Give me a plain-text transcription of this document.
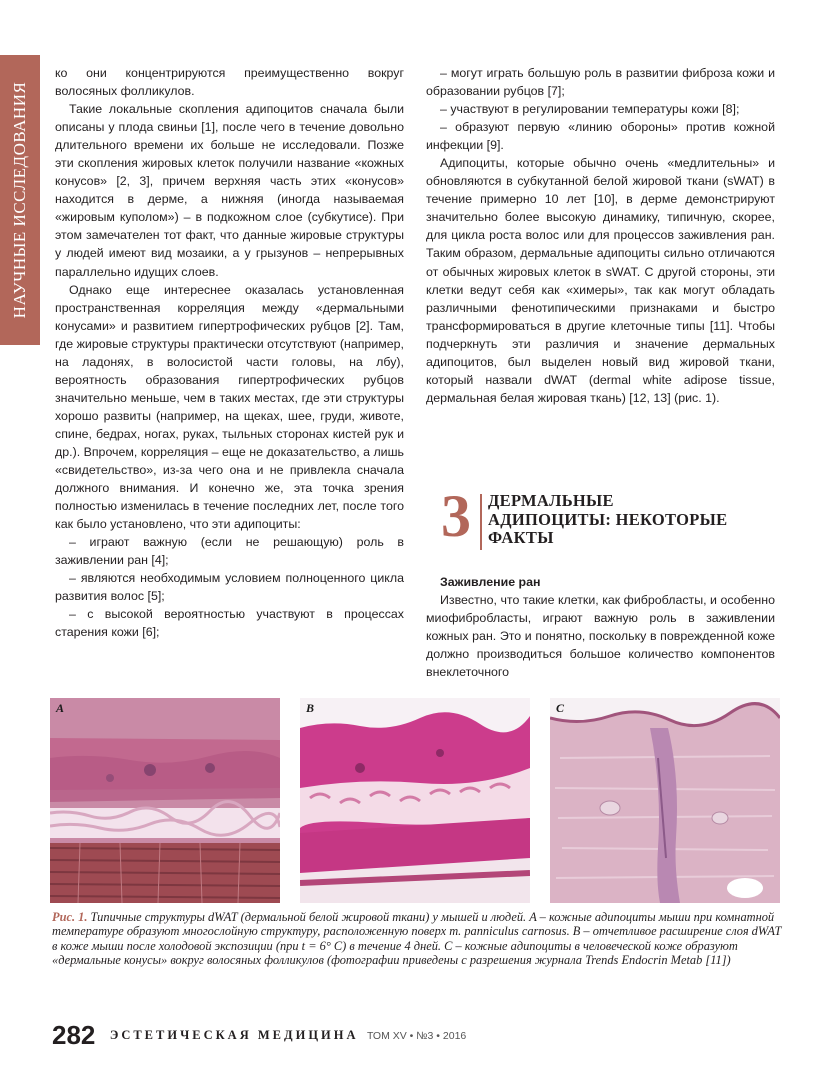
НАУЧНЫЕ ИССЛЕДОВАНИЯ

ко они концентрируются преимущественно вокруг волосяных фолликулов.

Такие локальные скопления адипоцитов сначала были описаны у плода свиньи [1], после чего в течение довольно длительного времени их больше не исследовали. Позже эти скопления жировых клеток получили название «кожных конусов» [2, 3], причем верхняя часть этих «конусов» находится в дерме, а нижняя (иногда называемая «жировым куполом») – в подкожном слое (субкутисе). При этом замечателен тот факт, что данные жировые структуры у людей имеют вид мозаики, а у грызунов – непрерывных параллельно идущих слоев.

Однако еще интереснее оказалась установленная пространственная корреляция между «дермальными конусами» и развитием гипертрофических рубцов [2]. Там, где жировые структуры практически отсутствуют (например, на ладонях, в волосистой части головы, на лбу), вероятность образования гипертрофических рубцов значительно меньше, чем в таких местах, где эти структуры хорошо развиты (например, на щеках, шее, груди, животе, спине, бедрах, ногах, руках, тыльных сторонах кистей рук и др.). Впрочем, корреляция – еще не доказательство, а лишь «свидетельство», из-за чего она и не привлекла сначала должного внимания. И конечно же, эта точка зрения полностью изменилась в течение последних лет, после того как было установлено, что эти адипоциты:

– играют важную (если не решающую) роль в заживлении ран [4];

– являются необходимым условием полноценного цикла развития волос [5];

– с высокой вероятностью участвуют в процессах старения кожи [6];

– могут играть большую роль в развитии фиброза кожи и образовании рубцов [7];

– участвуют в регулировании температуры кожи [8];

– образуют первую «линию обороны» против кожной инфекции [9].

Адипоциты, которые обычно очень «медлительны» и обновляются в субкутанной белой жировой ткани (sWAT) в течение примерно 10 лет [10], в дерме демонстрируют значительно более высокую динамику, типичную, скорее, для цикла роста волос или для процессов заживления ран. Таким образом, дермальные адипоциты сильно отличаются от обычных жировых клеток в sWAT. С другой стороны, эти клетки ведут себя как «химеры», так как могут обладать различными фенотипическими признаками и быстро трансформироваться в другие клеточные типы [11]. Чтобы подчеркнуть эти различия и значение дермальных адипоцитов, был выделен новый вид жировой ткани, который назвали dWAT (dermal white adipose tissue, дермальная белая жировая ткань) [12, 13] (рис. 1).

3 ДЕРМАЛЬНЫЕ
АДИПОЦИТЫ: НЕКОТОРЫЕ
ФАКТЫ

Заживление ран

Известно, что такие клетки, как фибробласты, и особенно миофибробласты, играют важную роль в заживлении кожных ран. Это и понятно, поскольку в поврежденной коже должно производиться большое количество компонентов внеклеточного

A	B	C
Рис. 1. Типичные структуры dWAT (дермальной белой жировой ткани) у мышей и людей. A – кожные адипоциты мыши при комнатной температуре образуют многослойную структуру, расположенную поверх m. panniculus carnosus. B – отчетливое расширение слоя dWAT в коже мыши после холодовой экспозиции (при t = 6° C) в течение 4 дней. C – кожные адипоциты в человеческой коже образуют «дермальные конусы» вокруг волосяных фолликулов (фотографии приведены с разрешения журнала Trends Endocrin Metab [11])
282 ЭСТЕТИЧЕСКАЯ МЕДИЦИНА ТОМ XV • №3 • 2016
